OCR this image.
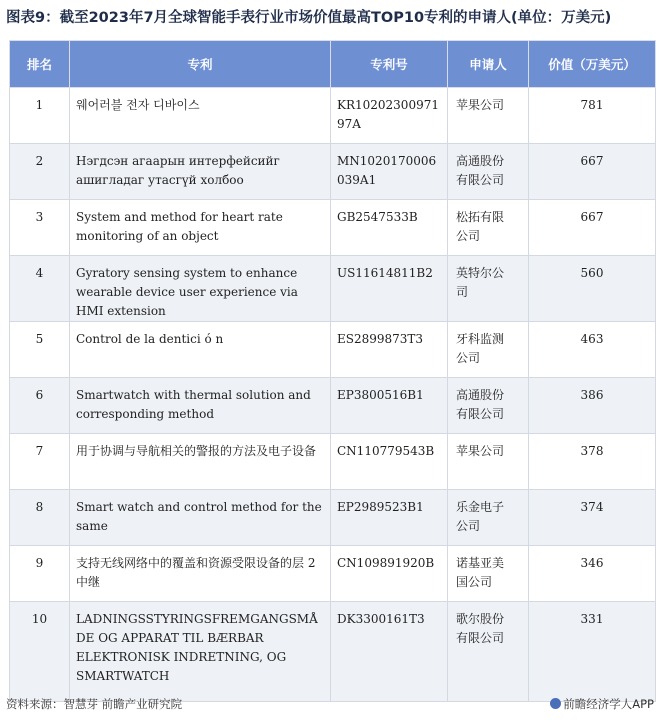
图表9：截至2023年7月全球智能手表行业市场价值最高TOP10专利的申请人(单位：万美元)
排名	专利	专利号	申请人	价值（万美元）
1	웨어러블 전자 디바이스	KR1020230097197A	苹果公司	781
2	Нэгдсэн агаарын интерфейсийг ашигладаг утасгүй холбоо	MN1020170006039A1	高通股份有限公司	667
3	System and method for heart rate monitoring of an object	GB2547533B	松拓有限公司	667
4	Gyratory sensing system to enhance wearable device user experience via HMI extension	US11614811B2	英特尔公司	560
5	Control de la dentici ó n	ES2899873T3	牙科监测公司	463
6	Smartwatch with thermal solution and corresponding method	EP3800516B1	高通股份有限公司	386
7	用于协调与导航相关的警报的方法及电子设备	CN110779543B	苹果公司	378
8	Smart watch and control method for the same	EP2989523B1	乐金电子公司	374
9	支持无线网络中的覆盖和资源受限设备的层 2 中继	CN109891920B	诺基亚美国公司	346
10	LADNINGSSTYRINGSFREMGANGSMÅDE OG APPARAT TIL BÆRBAR ELEKTRONISK INDRETNING, OG SMARTWATCH	DK3300161T3	歌尔股份有限公司	331
资料来源：智慧芽 前瞻产业研究院	前瞻经济学人APP
